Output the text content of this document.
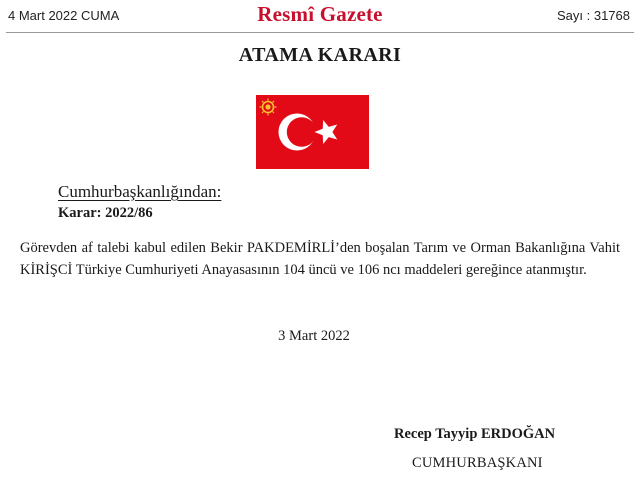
4 Mart 2022 CUMA	Resmî Gazete	Sayı : 31768
ATAMA KARARI
Cumhurbaşkanlığından:
Karar: 2022/86
Görevden af talebi kabul edilen Bekir PAKDEMİRLİ’den boşalan Tarım ve Orman Bakanlığına Vahit KİRİŞCİ Türkiye Cumhuriyeti Anayasasının 104 üncü ve 106 ncı maddeleri gereğince atanmıştır.
3 Mart 2022
Recep Tayyip ERDOĞAN
CUMHURBAŞKANI
